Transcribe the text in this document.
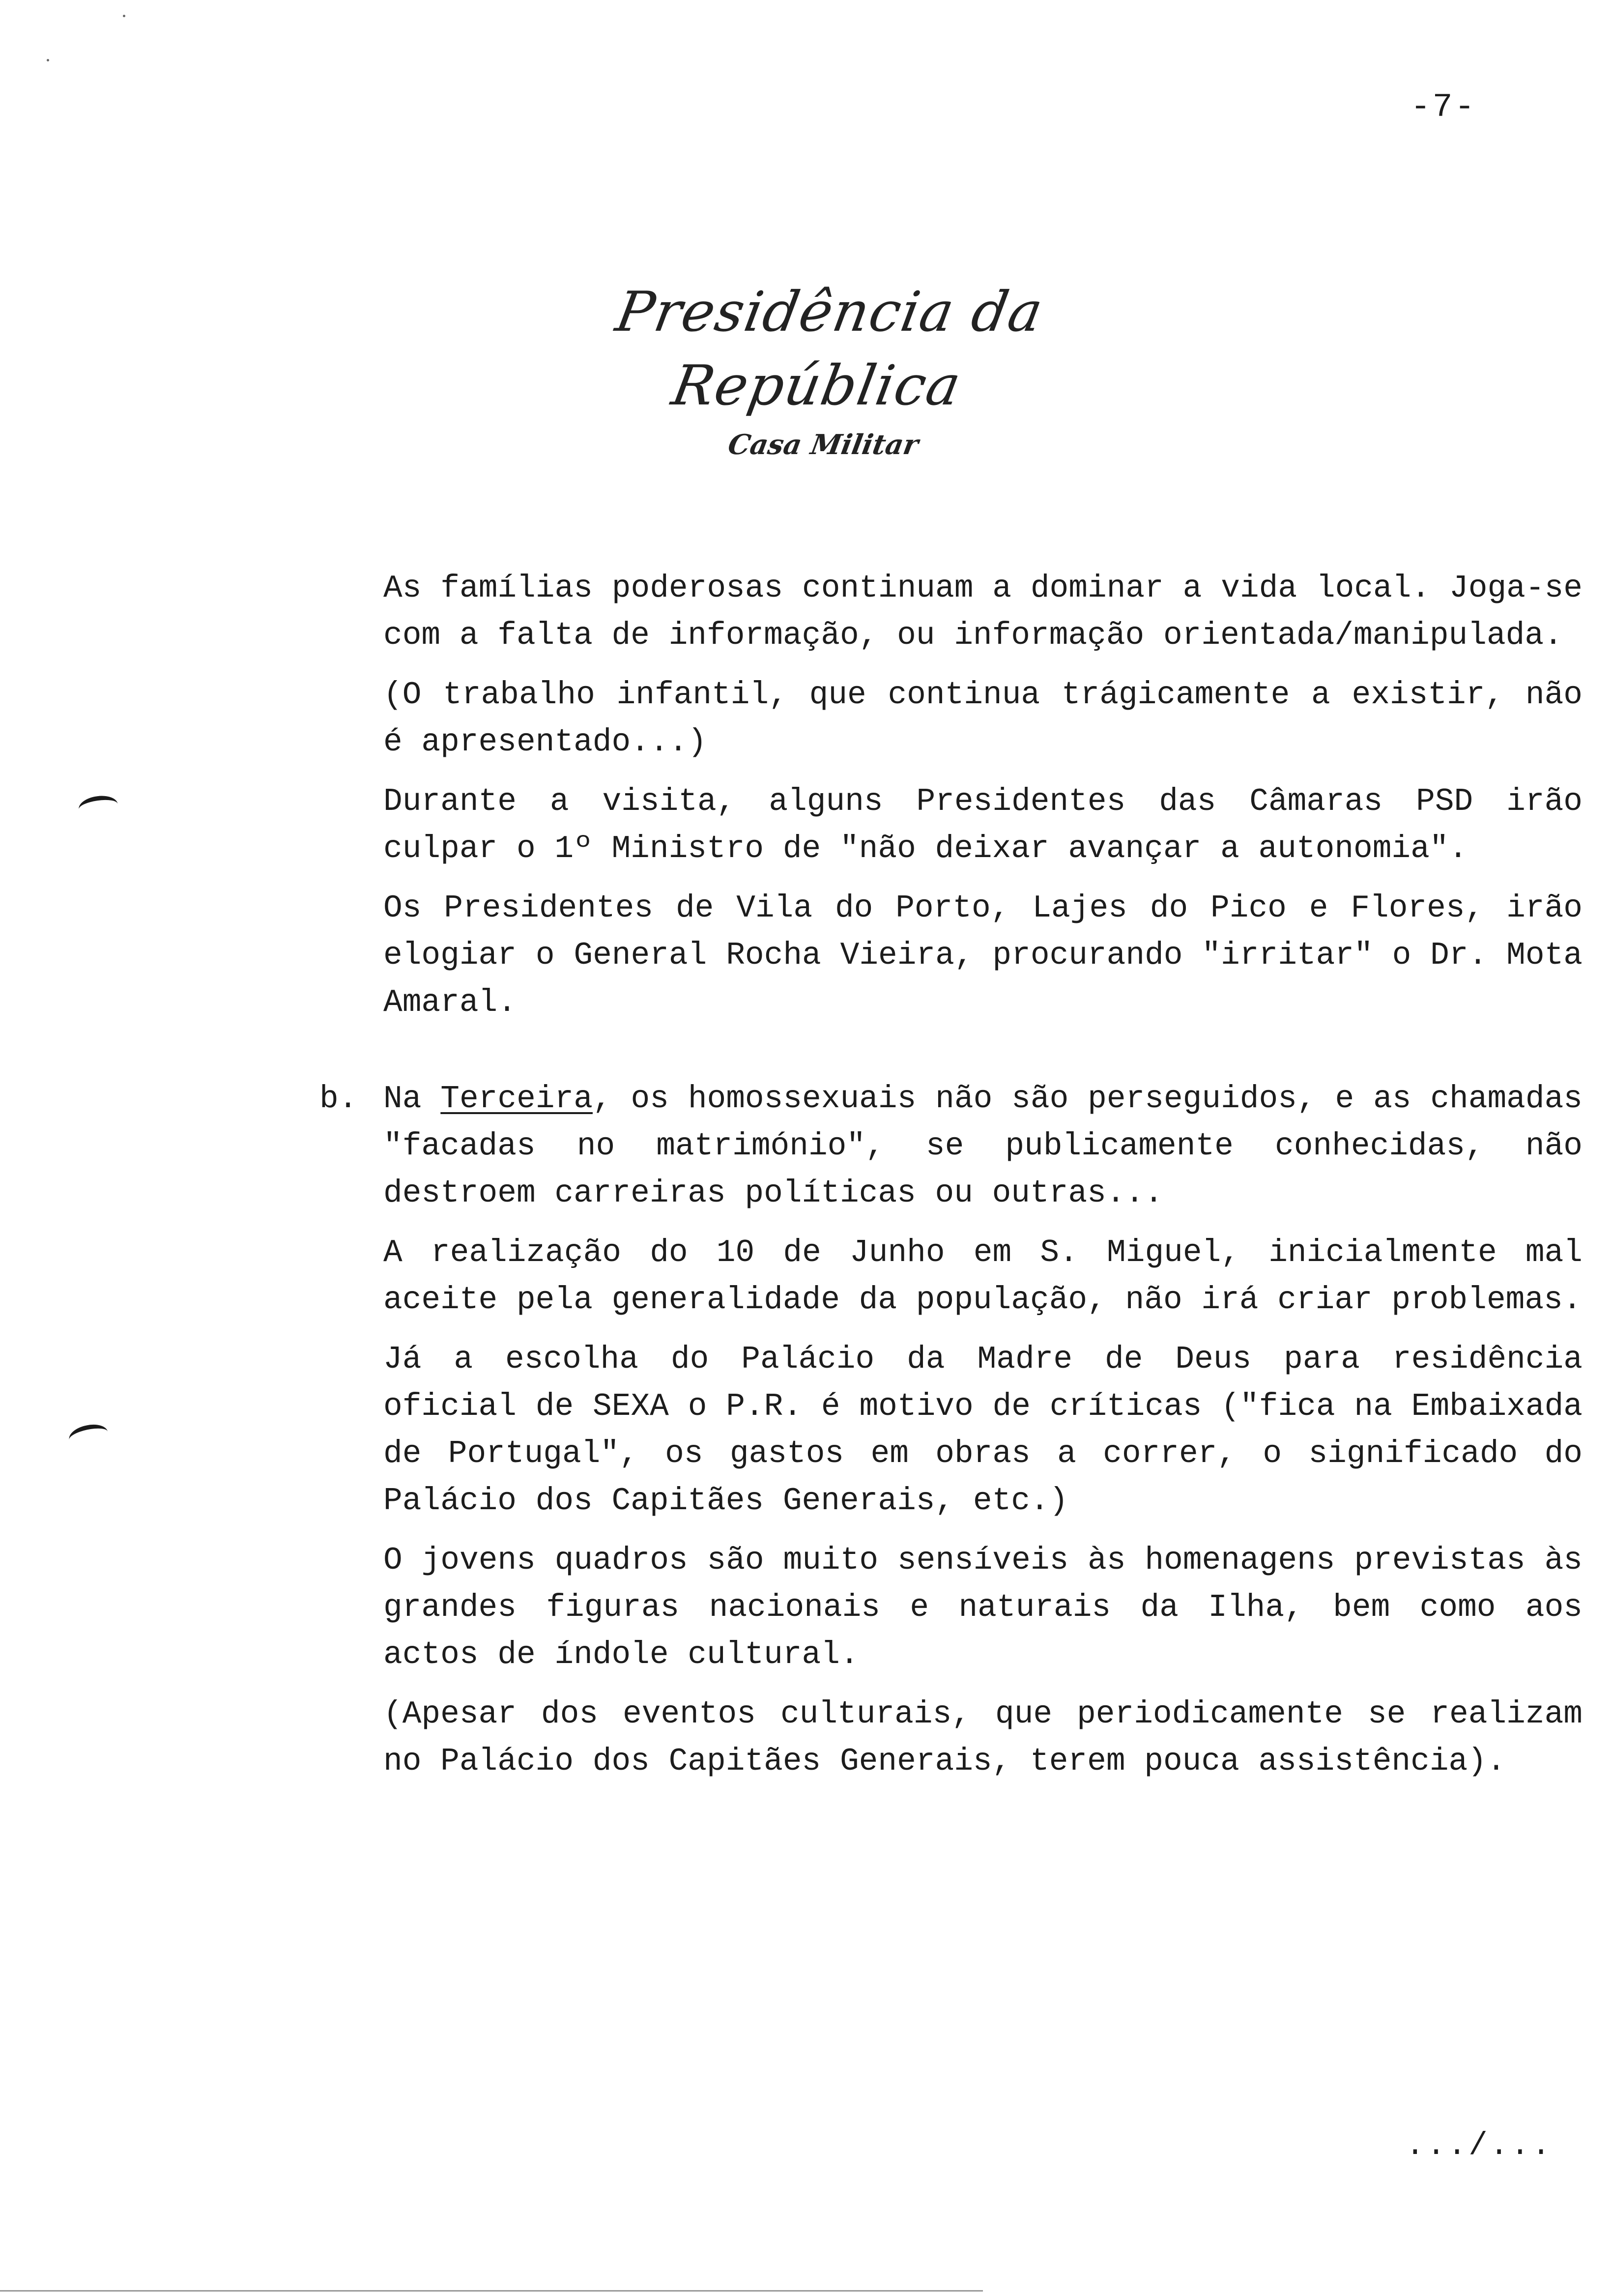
-7-
Presidência da República
Casa Militar

As famílias poderosas continuam a dominar a vida local. Joga-se com a falta de informação, ou informação orientada/manipulada.

(O trabalho infantil, que continua trágicamente a existir, não é apresentado...)

Durante a visita, alguns Presidentes das Câmaras PSD irão culpar o 1º Ministro de "não deixar avançar a autonomia".

Os Presidentes de Vila do Porto, Lajes do Pico e Flores, irão elogiar o General Rocha Vieira, procurando "irritar" o Dr. Mota Amaral.

b. Na Terceira, os homossexuais não são perseguidos, e as chamadas "facadas no matrimónio", se publicamente conhecidas, não destroem carreiras políticas ou outras...

A realização do 10 de Junho em S. Miguel, inicialmente mal aceite pela generalidade da população, não irá criar problemas.

Já a escolha do Palácio da Madre de Deus para residência oficial de SEXA o P.R. é motivo de críticas ("fica na Embaixada de Portugal", os gastos em obras a correr, o significado do Palácio dos Capitães Generais, etc.)

O jovens quadros são muito sensíveis às homenagens previstas às grandes figuras nacionais e naturais da Ilha, bem como aos actos de índole cultural.

(Apesar dos eventos culturais, que periodicamente se realizam no Palácio dos Capitães Generais, terem pouca assistência).

.../...
